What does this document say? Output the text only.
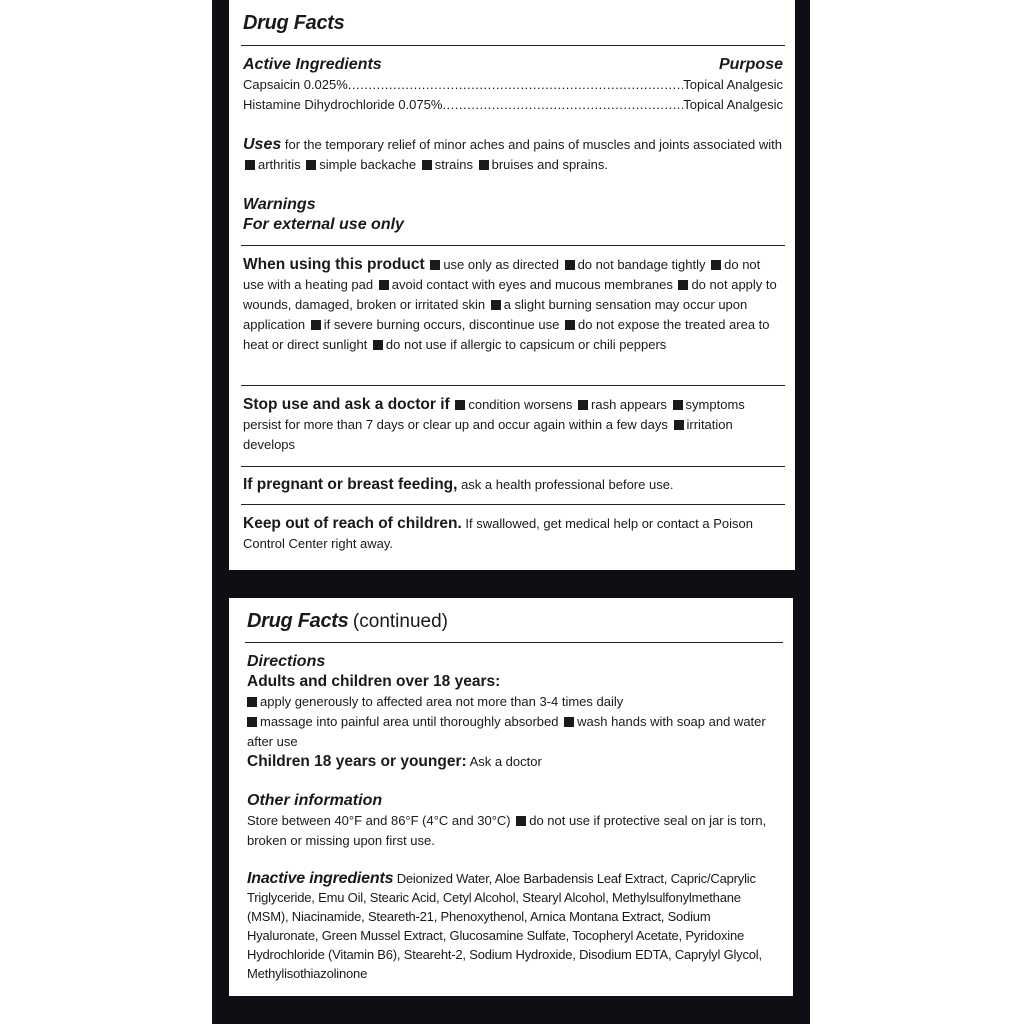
Drug Facts
Active Ingredients	Purpose
Capsaicin 0.025% .....	Topical Analgesic
Histamine Dihydrochloride 0.075% .....	Topical Analgesic
Uses for the temporary relief of minor aches and pains of muscles and joints associated with arthritis simple backache strains bruises and sprains.
Warnings
For external use only
When using this product use only as directed do not bandage tightly do not use with a heating pad avoid contact with eyes and mucous membranes do not apply to wounds, damaged, broken or irritated skin a slight burning sensation may occur upon application if severe burning occurs, discontinue use do not expose the treated area to heat or direct sunlight do not use if allergic to capsicum or chili peppers
Stop use and ask a doctor if condition worsens rash appears symptoms persist for more than 7 days or clear up and occur again within a few days irritation develops
If pregnant or breast feeding, ask a health professional before use.
Keep out of reach of children. If swallowed, get medical help or contact a Poison Control Center right away.
Drug Facts (continued)
Directions
Adults and children over 18 years:
apply generously to affected area not more than 3-4 times daily
massage into painful area until thoroughly absorbed wash hands with soap and water after use
Children 18 years or younger: Ask a doctor
Other information
Store between 40°F and 86°F (4°C and 30°C) do not use if protective seal on jar is torn, broken or missing upon first use.
Inactive ingredients Deionized Water, Aloe Barbadensis Leaf Extract, Capric/Caprylic Triglyceride, Emu Oil, Stearic Acid, Cetyl Alcohol, Stearyl Alcohol, Methylsulfonylmethane (MSM), Niacinamide, Steareth-21, Phenoxythenol, Arnica Montana Extract, Sodium Hyaluronate, Green Mussel Extract, Glucosamine Sulfate, Tocopheryl Acetate, Pyridoxine Hydrochloride (Vitamin B6), Steareht-2, Sodium Hydroxide, Disodium EDTA, Caprylyl Glycol, Methylisothiazolinone
